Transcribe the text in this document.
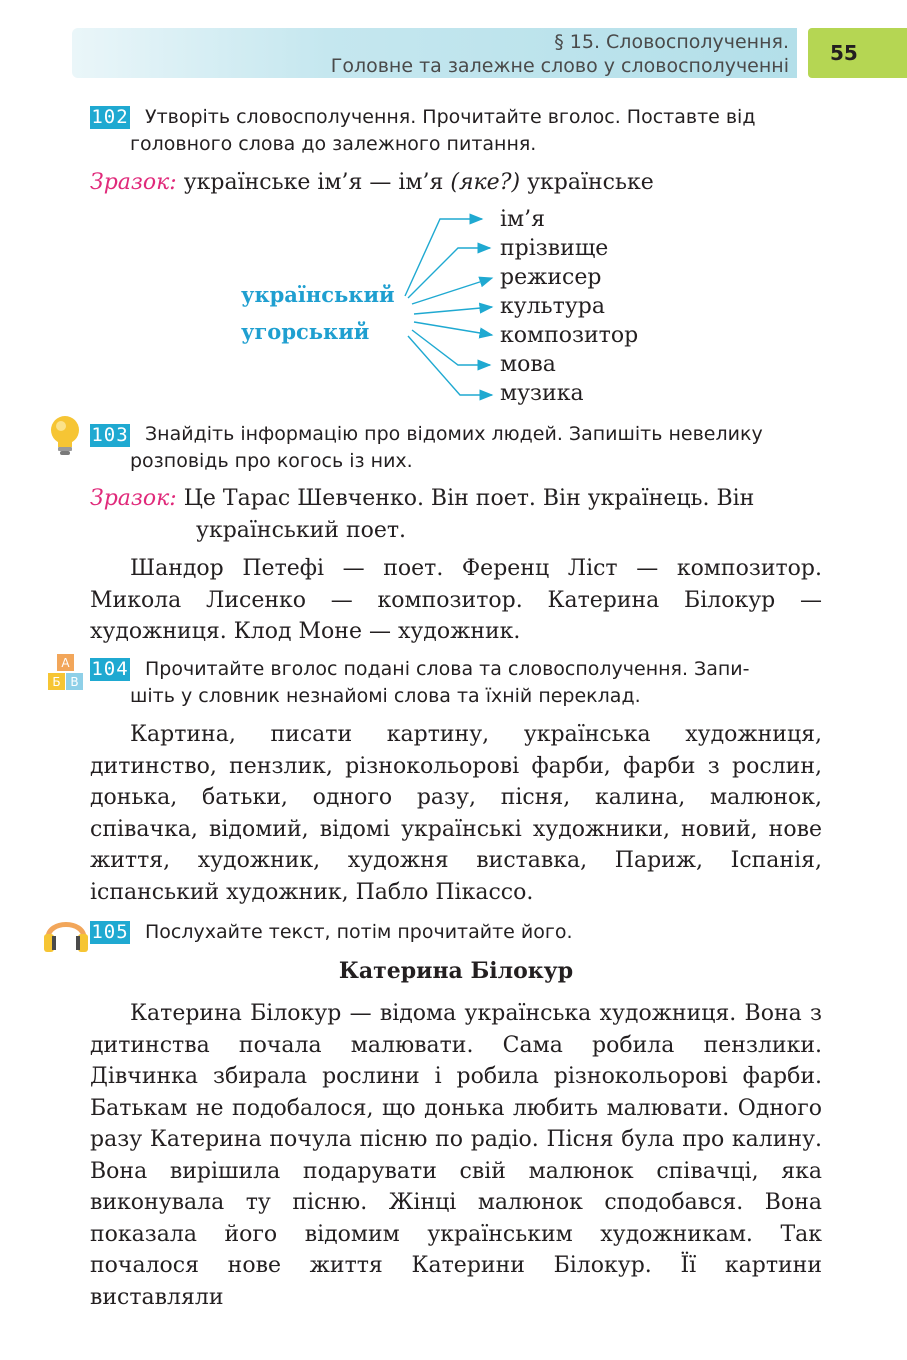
§ 15. Словосполучення.
Головне та залежне слово у словосполученні
55
102 Утворіть словосполучення. Прочитайте вголос. Поставте від
головного слова до залежного питання.
Зразок: українське ім’я — ім’я (яке?) українське
український
угорський
ім’я
прізвище
режисер
культура
композитор
мова
музика
103 Знайдіть інформацію про відомих людей. Запишіть невелику
розповідь про когось із них.
Зразок: Це Тарас Шевченко. Він поет. Він українець. Він
український поет.
Шандор Петефі — поет. Ференц Ліст — композитор. Микола Лисенко — композитор. Катерина Білокур — художниця. Клод Моне — художник.
А
Б В
104 Прочитайте вголос подані слова та словосполучення. Запи-
шіть у словник незнайомі слова та їхній переклад.
Картина, писати картину, українська художниця, дитинство, пензлик, різнокольорові фарби, фарби з рослин, донька, батьки, одного разу, пісня, калина, малюнок, співачка, відомий, відомі українські художники, новий, нове життя, художник, художня виставка, Париж, Іспанія, іспанський художник, Пабло Пікассо.
105 Послухайте текст, потім прочитайте його.
Катерина Білокур
Катерина Білокур — відома українська художниця. Вона з дитинства почала малювати. Сама робила пензлики. Дівчинка збирала рослини і робила різнокольорові фарби. Батькам не подобалося, що донька любить малювати. Одного разу Катерина почула пісню по радіо. Пісня була про калину. Вона вирішила подарувати свій малюнок співачці, яка виконувала ту пісню. Жінці малюнок сподобався. Вона показала його відомим українським художникам. Так почалося нове життя Катерини Білокур. Її картини виставляли
